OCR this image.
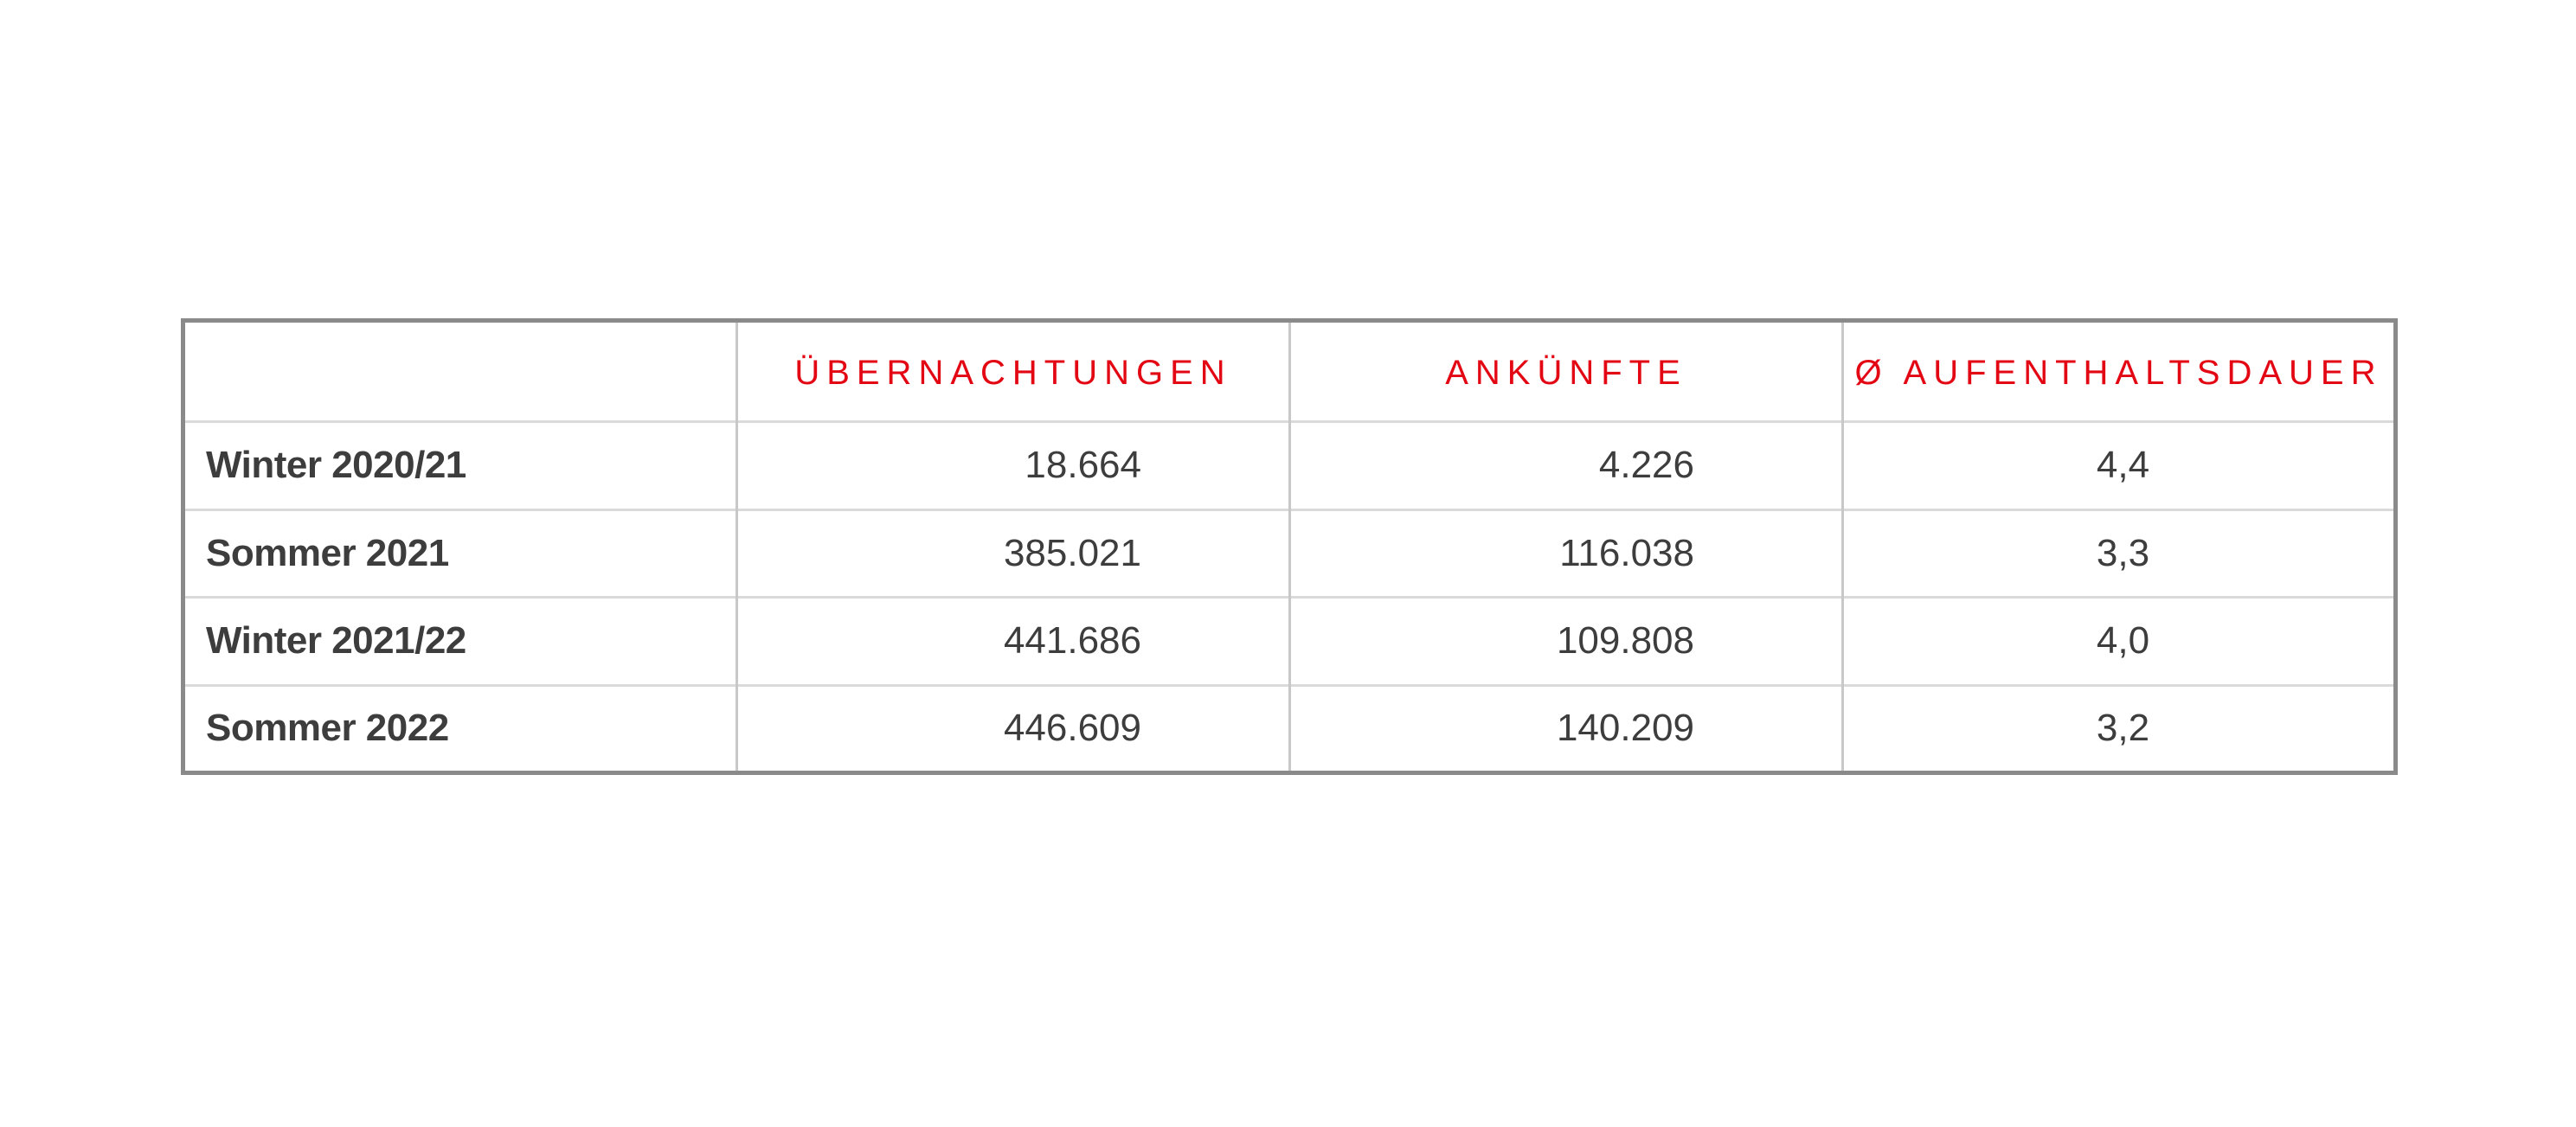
	ÜBERNACHTUNGEN	ANKÜNFTE	Ø AUFENTHALTSDAUER
Winter 2020/21	18.664	4.226	4,4
Sommer 2021	385.021	116.038	3,3
Winter 2021/22	441.686	109.808	4,0
Sommer 2022	446.609	140.209	3,2
